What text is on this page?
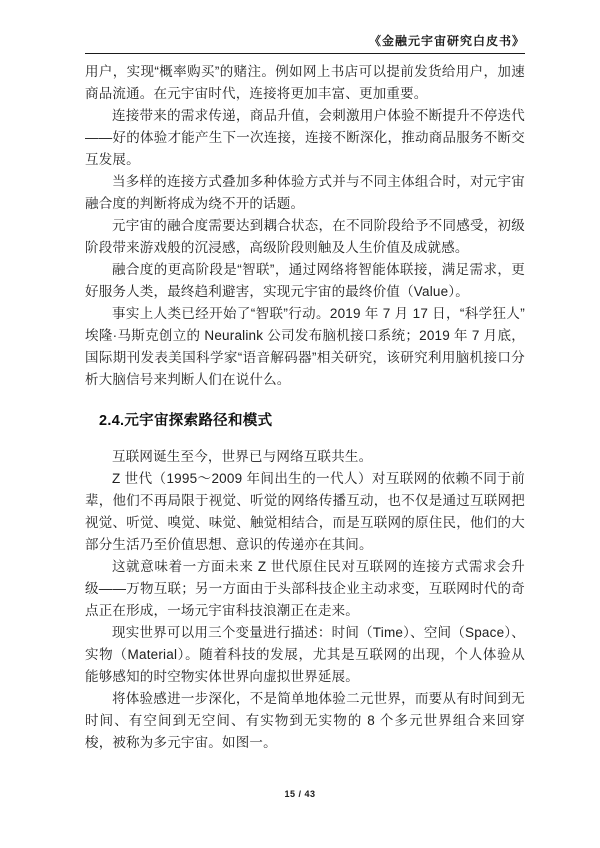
《金融元宇宙研究白皮书》

用户，实现“概率购买”的赌注。例如网上书店可以提前发货给用户，加速商品流通。在元宇宙时代，连接将更加丰富、更加重要。

连接带来的需求传递，商品升值，会刺激用户体验不断提升不停迭代——好的体验才能产生下一次连接，连接不断深化，推动商品服务不断交互发展。

当多样的连接方式叠加多种体验方式并与不同主体组合时，对元宇宙融合度的判断将成为绕不开的话题。

元宇宙的融合度需要达到耦合状态，在不同阶段给予不同感受，初级阶段带来游戏般的沉浸感，高级阶段则触及人生价值及成就感。

融合度的更高阶段是“智联”，通过网络将智能体联接，满足需求，更好服务人类，最终趋利避害，实现元宇宙的最终价值（Value）。

事实上人类已经开始了“智联”行动。2019 年 7 月 17 日，“科学狂人”埃隆·马斯克创立的 Neuralink 公司发布脑机接口系统；2019 年 7 月底，国际期刊发表美国科学家“语音解码器”相关研究，该研究利用脑机接口分析大脑信号来判断人们在说什么。

2.4.元宇宙探索路径和模式

互联网诞生至今，世界已与网络互联共生。

Z 世代（1995～2009 年间出生的一代人）对互联网的依赖不同于前辈，他们不再局限于视觉、听觉的网络传播互动，也不仅是通过互联网把视觉、听觉、嗅觉、味觉、触觉相结合，而是互联网的原住民，他们的大部分生活乃至价值思想、意识的传递亦在其间。

这就意味着一方面未来 Z 世代原住民对互联网的连接方式需求会升级——万物互联；另一方面由于头部科技企业主动求变，互联网时代的奇点正在形成，一场元宇宙科技浪潮正在走来。

现实世界可以用三个变量进行描述：时间（Time）、空间（Space）、实物（Material）。随着科技的发展，尤其是互联网的出现，个人体验从能够感知的时空物实体世界向虚拟世界延展。

将体验感进一步深化，不是简单地体验二元世界，而要从有时间到无时间、有空间到无空间、有实物到无实物的 8 个多元世界组合来回穿梭，被称为多元宇宙。如图一。

15 / 43
